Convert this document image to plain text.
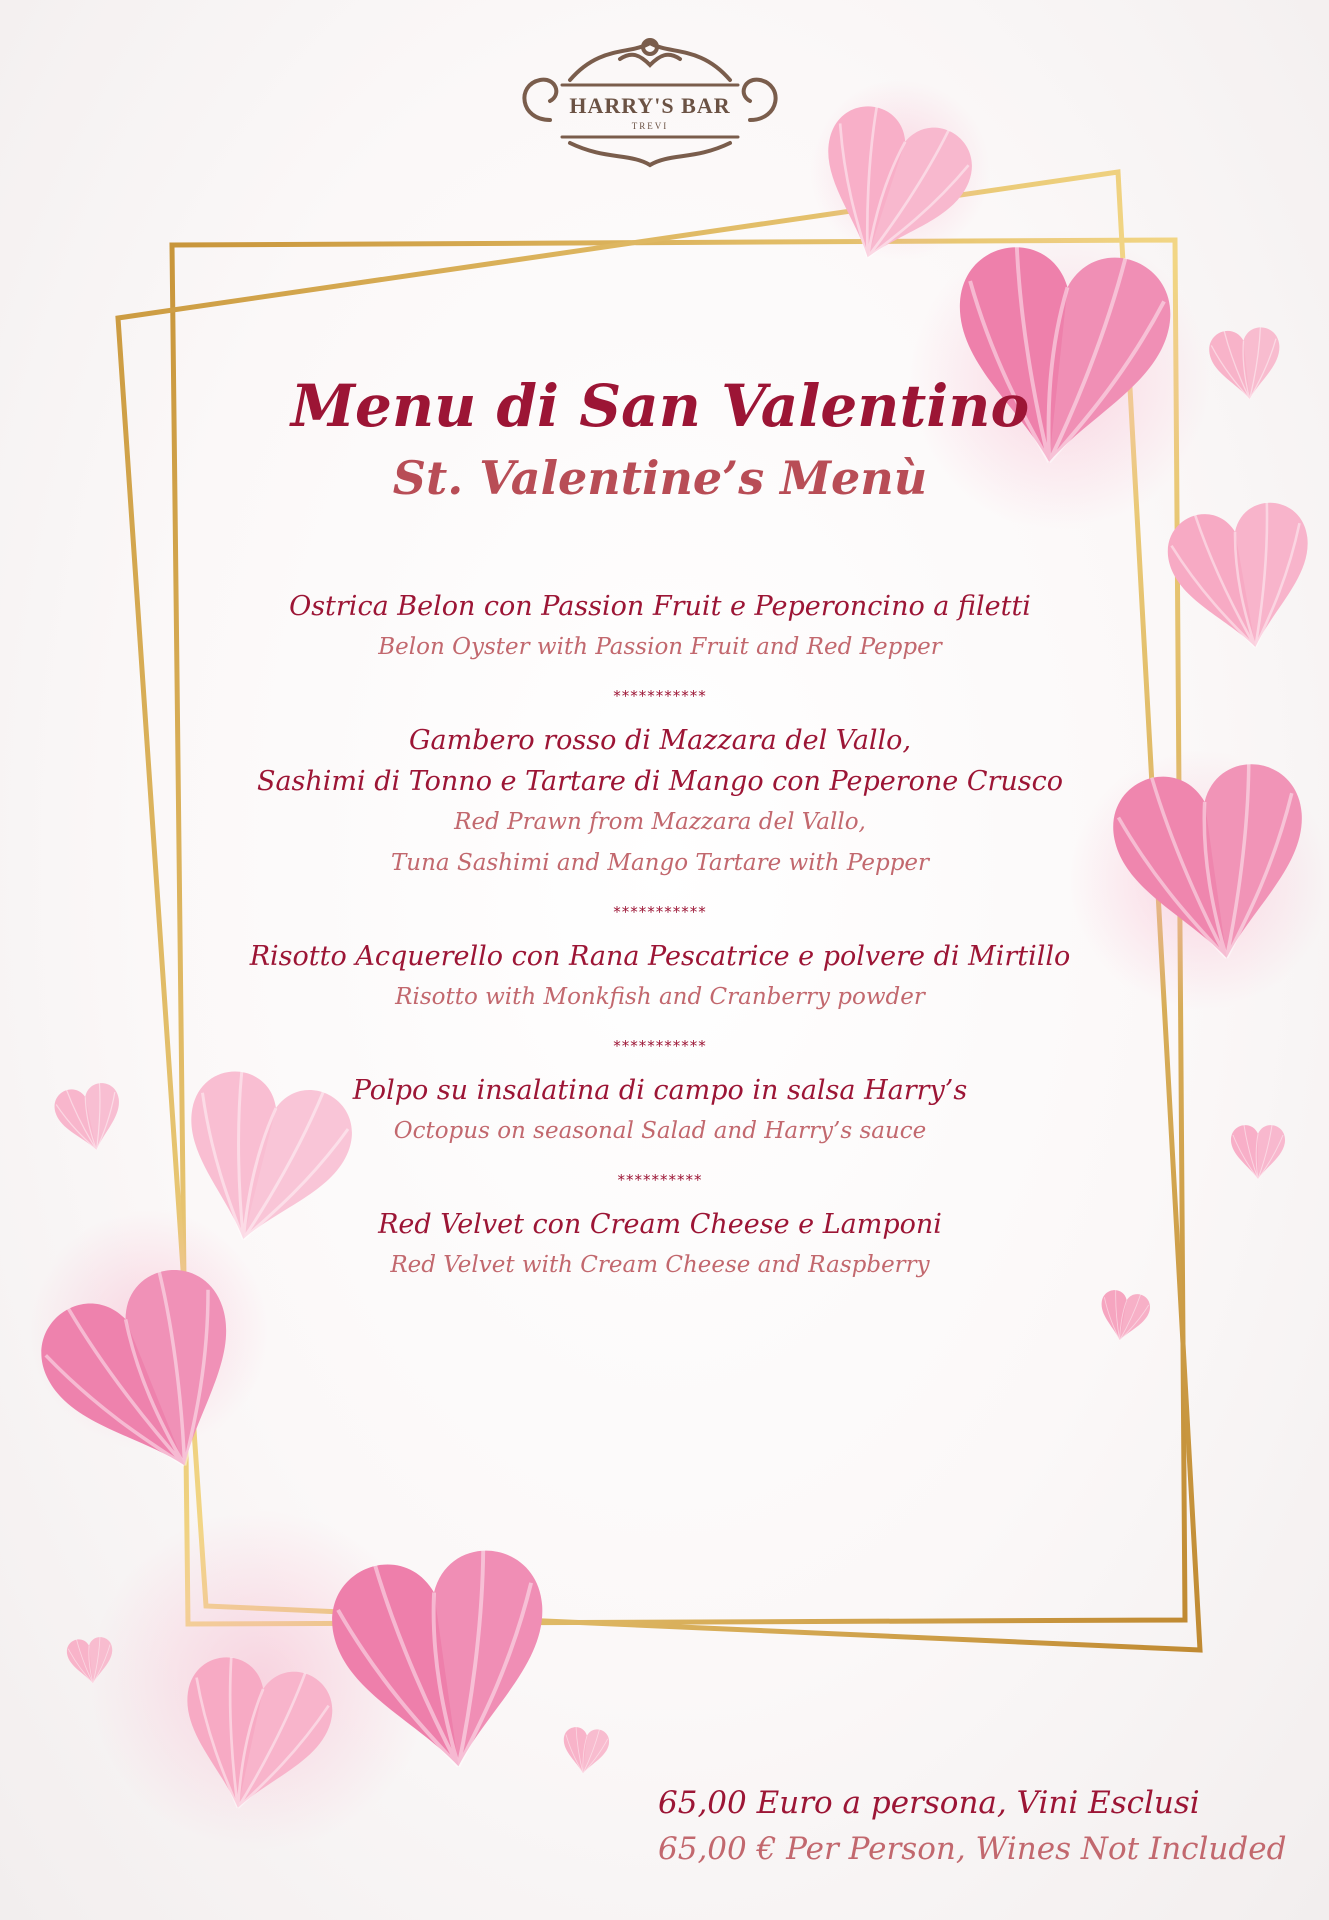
HARRY'S BAR
TREVI
Menu di San Valentino
St. Valentine’s Menù
Ostrica Belon con Passion Fruit e Peperoncino a filetti
Belon Oyster with Passion Fruit and Red Pepper
***********
Gambero rosso di Mazzara del Vallo,
Sashimi di Tonno e Tartare di Mango con Peperone Crusco
Red Prawn from Mazzara del Vallo,
Tuna Sashimi and Mango Tartare with Pepper
***********
Risotto Acquerello con Rana Pescatrice e polvere di Mirtillo
Risotto with Monkfish and Cranberry powder
***********
Polpo su insalatina di campo in salsa Harry’s
Octopus on seasonal Salad and Harry’s sauce
**********
Red Velvet con Cream Cheese e Lamponi
Red Velvet with Cream Cheese and Raspberry
65,00 Euro a persona, Vini Esclusi
65,00 € Per Person, Wines Not Included
